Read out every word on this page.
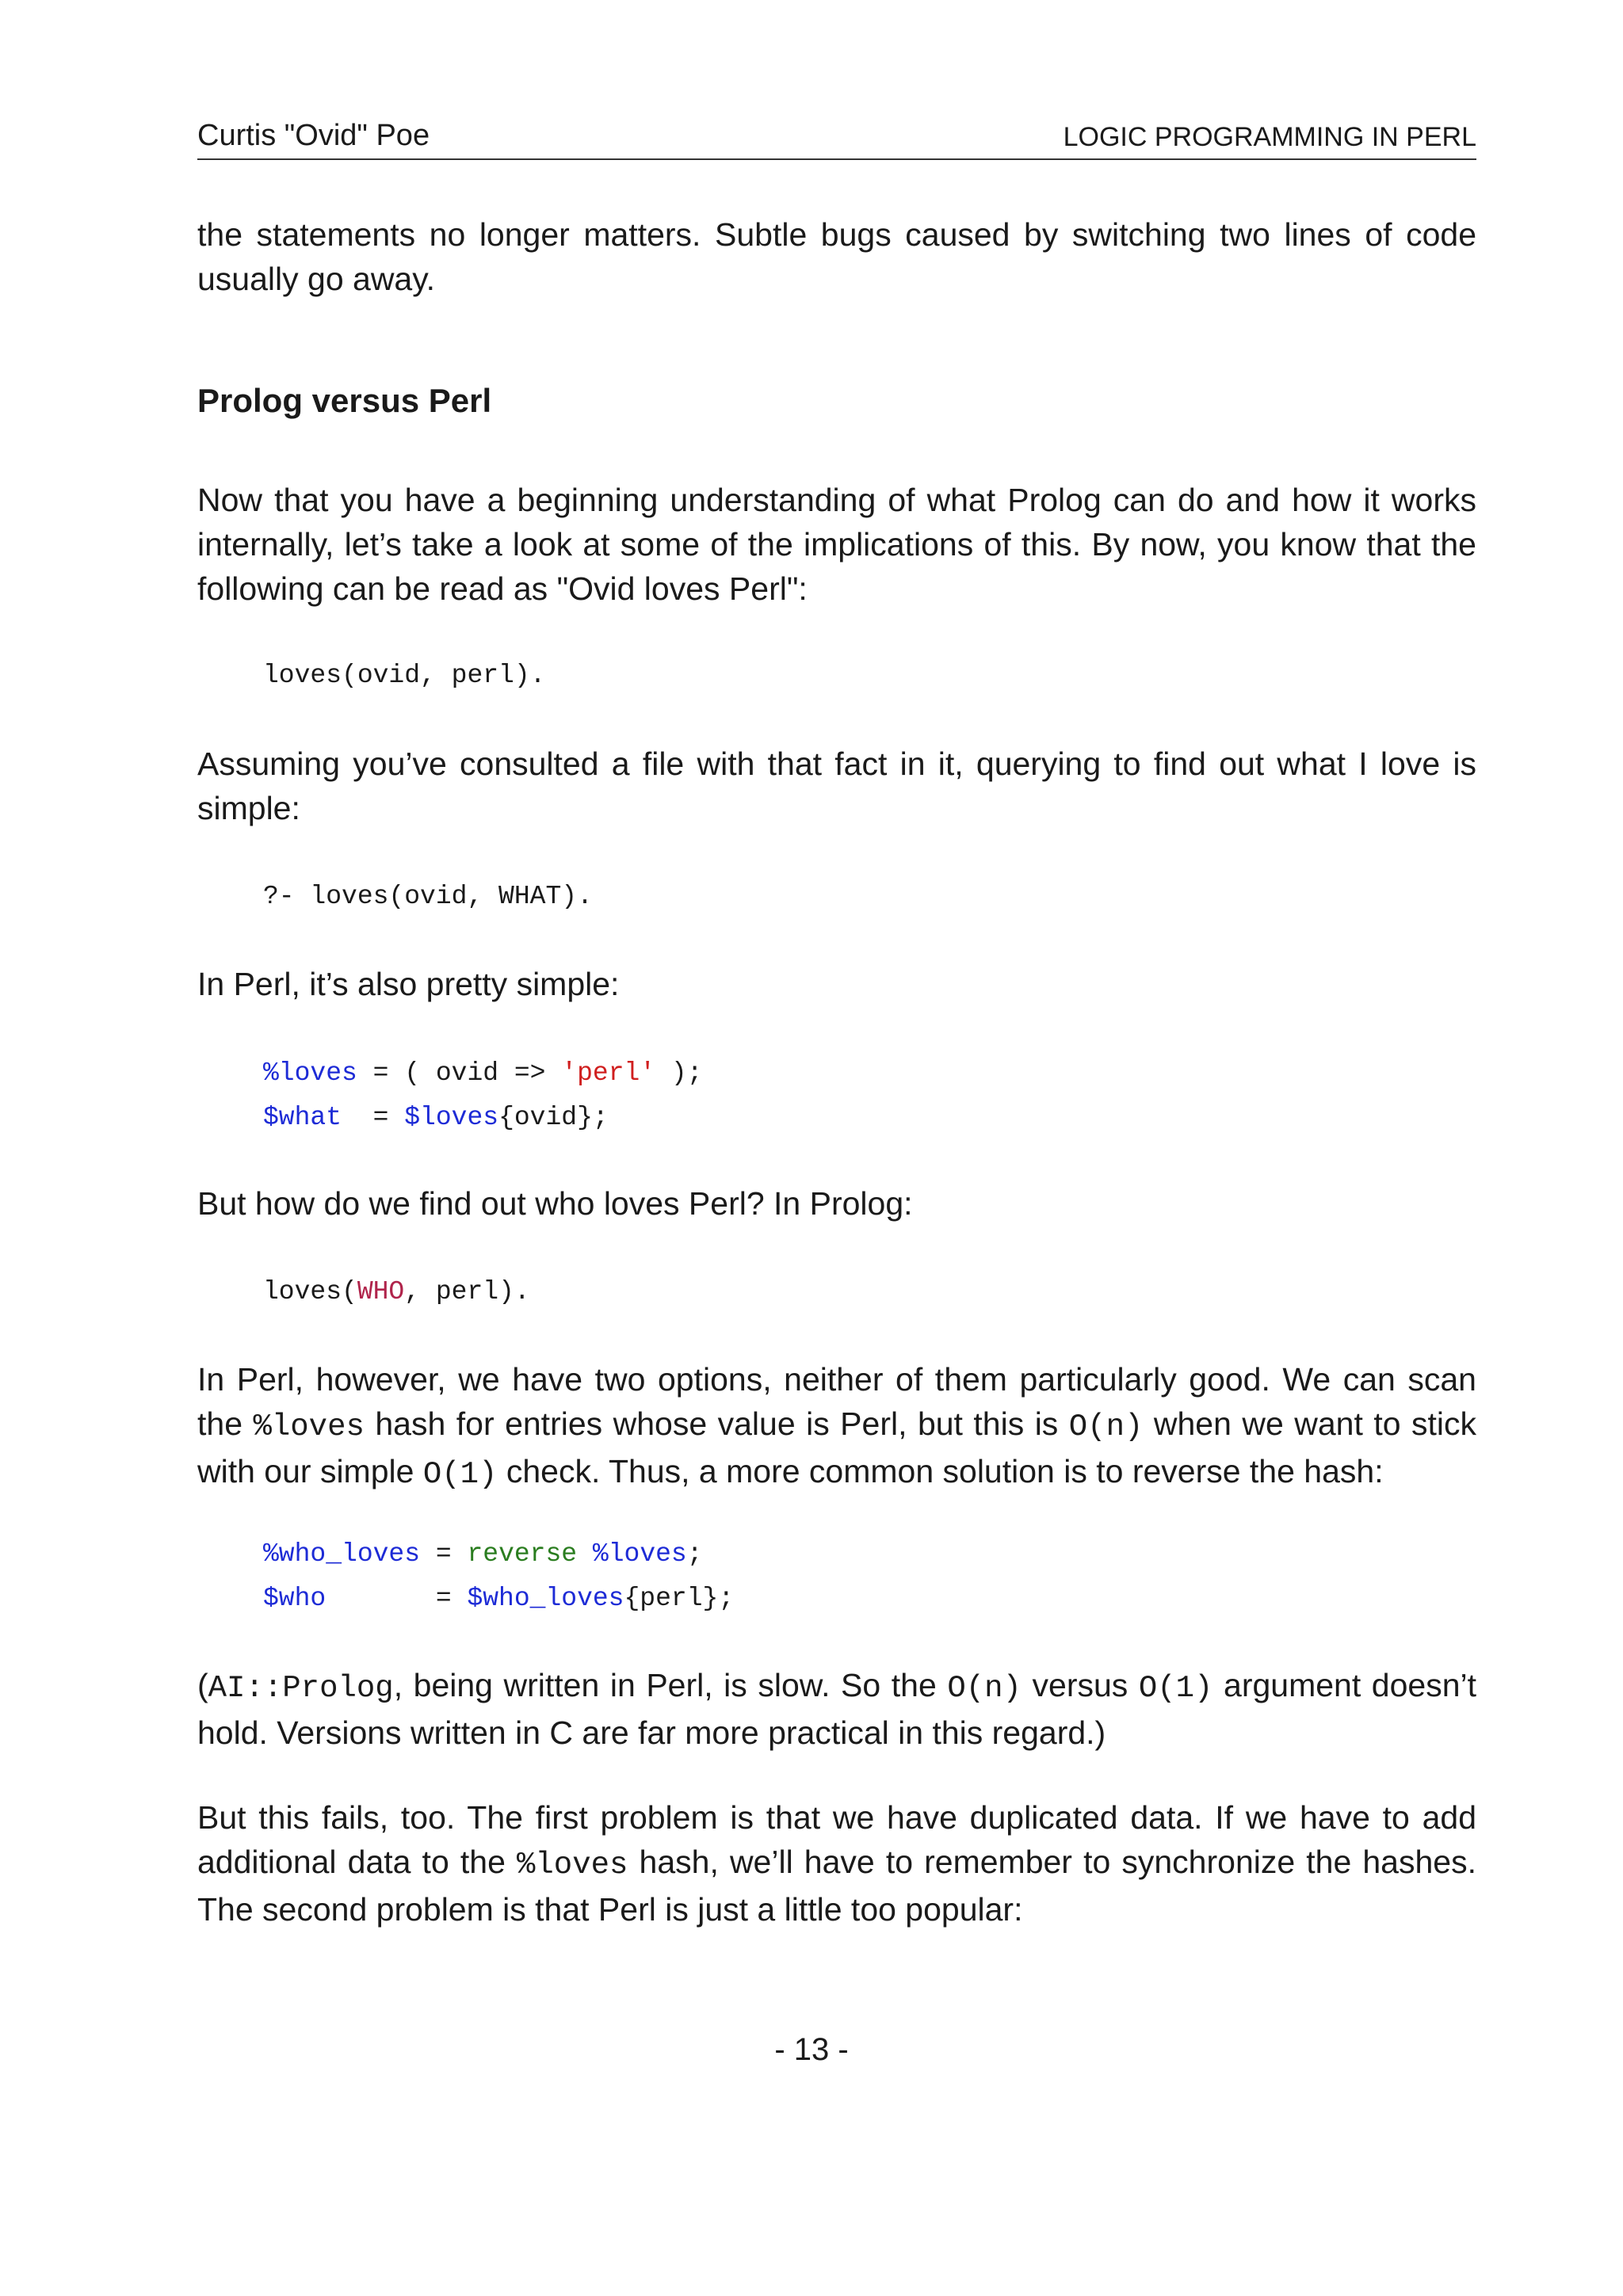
Curtis "Ovid" Poe	LOGIC PROGRAMMING IN PERL
the statements no longer matters. Subtle bugs caused by switching two lines of code usually go away.
Prolog versus Perl
Now that you have a beginning understanding of what Prolog can do and how it works internally, let’s take a look at some of the implications of this. By now, you know that the following can be read as "Ovid loves Perl":
loves(ovid, perl).
Assuming you’ve consulted a file with that fact in it, querying to find out what I love is simple:
?- loves(ovid, WHAT).
In Perl, it’s also pretty simple:
%loves = ( ovid => 'perl' );
$what  = $loves{ovid};
But how do we find out who loves Perl? In Prolog:
loves(WHO, perl).
In Perl, however, we have two options, neither of them particularly good. We can scan the %loves hash for entries whose value is Perl, but this is O(n) when we want to stick with our simple O(1) check. Thus, a more common solution is to reverse the hash:
%who_loves = reverse %loves;
$who       = $who_loves{perl};
(AI::Prolog, being written in Perl, is slow. So the O(n) versus O(1) argument doesn’t hold. Versions written in C are far more practical in this regard.)
But this fails, too. The first problem is that we have duplicated data. If we have to add additional data to the %loves hash, we’ll have to remember to synchronize the hashes. The second problem is that Perl is just a little too popular:
- 13 -
